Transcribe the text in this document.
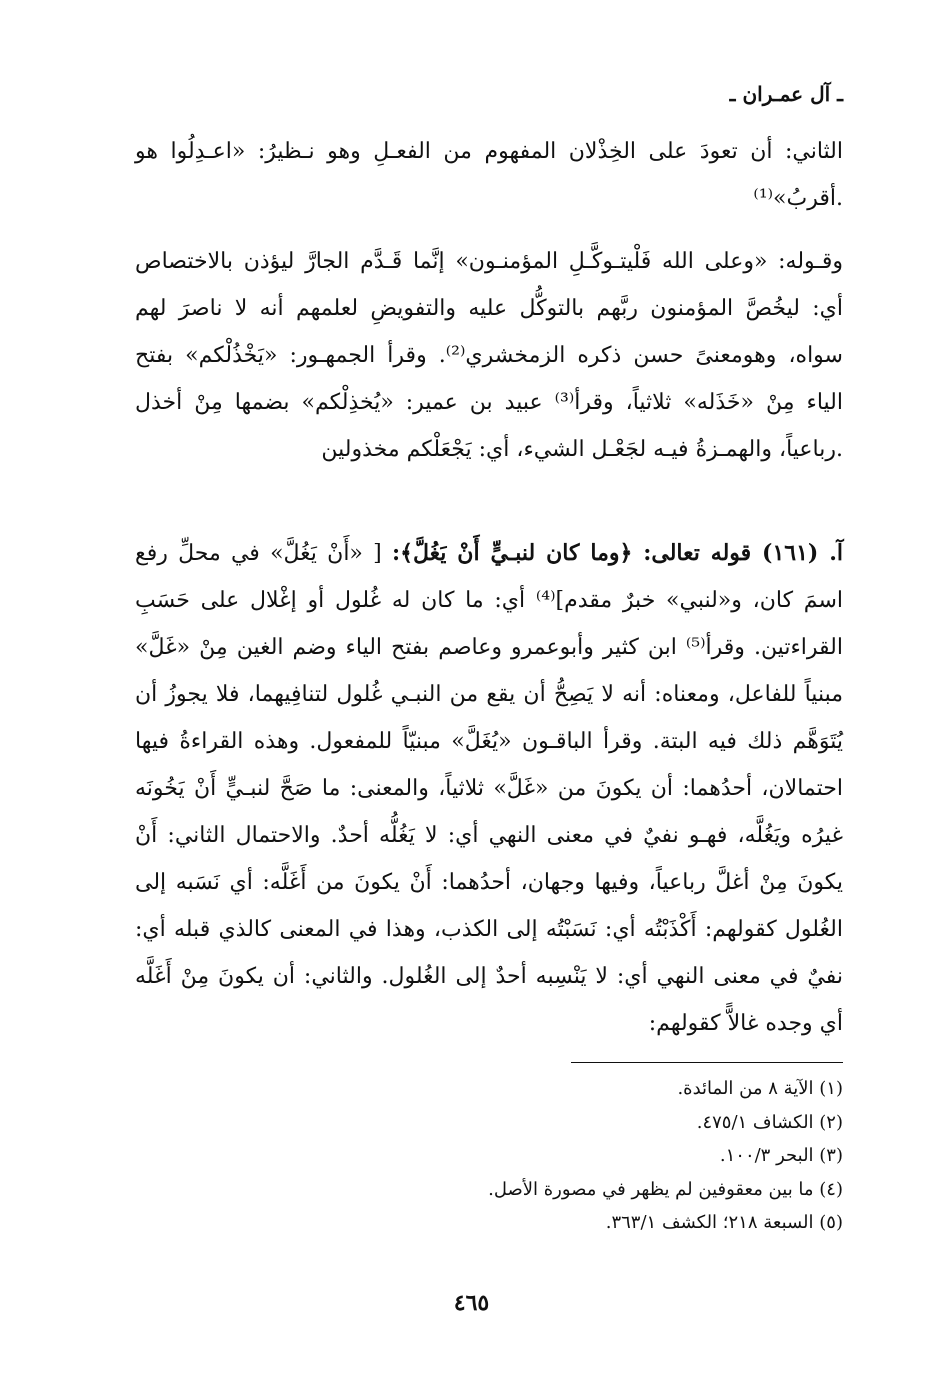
ـ آل عمـران ـ

الثاني: أن تعودَ على الخِذْلان المفهوم من الفعـلِ وهو نـظيرُ: «اعـدِلُوا هو أقربُ»⁽¹⁾.

وقـوله: «وعلى الله فَلْيتـوكَّـلِ المؤمنـون» إنَّما قَـدَّم الجارَّ ليؤذن بالاختصاص أي: ليخُصَّ المؤمنون ربَّهم بالتوكُّل عليه والتفويضِ لعلمهم أنه لا ناصرَ لهم سواه، وهومعنىً حسن ذكره الزمخشري⁽²⁾. وقرأ الجمهـور: «يَخْذُلْكم» بفتح الياء مِنْ «خَذَله» ثلاثياً، وقرأ⁽³⁾ عبيد بن عمير: «يُخذِلْكم» بضمها مِنْ أخذل رباعياً، والهمـزةُ فيـه لجَعْـل الشيء، أي: يَجْعَلْكم مخذولين.

آ. (١٦١) قوله تعالى: ﴿وما كان لنبـيٍّ أَنْ يَغُلَّ﴾: [ «أَنْ يَغُلَّ» في محلِّ رفع اسمَ كان، و«لنبي» خبرٌ مقدم]⁽⁴⁾ أي: ما كان له غُلول أو إغْلال على حَسَبِ القراءتين. وقرأ⁽⁵⁾ ابن كثير وأبوعمرو وعاصم بفتح الياء وضم الغين مِنْ «غَلَّ» مبنياً للفاعل، ومعناه: أنه لا يَصِحُّ أن يقع من النبـي غُلول لتنافِيهما، فلا يجوزُ أن يُتَوَهَّم ذلك فيه البتة. وقرأ الباقـون «يُغَلَّ» مبنيّاً للمفعول. وهذه القراءةُ فيها احتمالان، أحدُهما: أن يكونَ من «غَلَّ» ثلاثياً، والمعنى: ما صَحَّ لنبـيٍّ أَنْ يَخُونَه غيرُه ويَغُلَّه، فهـو نفيٌ في معنى النهي أي: لا يَغُلُّه أحدٌ. والاحتمال الثاني: أَنْ يكونَ مِنْ أغلَّ رباعياً، وفيها وجهان، أحدُهما: أَنْ يكونَ من أَغَلَّه: أي نَسَبه إلى الغُلول كقولهم: أَكْذَبْتُه أي: نَسَبْتُه إلى الكذب، وهذا في المعنى كالذي قبله أي: نفيٌ في معنى النهي أي: لا يَنْسِبه أحدٌ إلى الغُلول. والثاني: أن يكونَ مِنْ أَغَلَّه أي وجده غالاًّ كقولهم:

(١) الآية ٨ من المائدة.
(٢) الكشاف ٤٧٥/١.
(٣) البحر ١٠٠/٣.
(٤) ما بين معقوفين لم يظهر في مصورة الأصل.
(٥) السبعة ٢١٨؛ الكشف ٣٦٣/١.
٤٦٥
